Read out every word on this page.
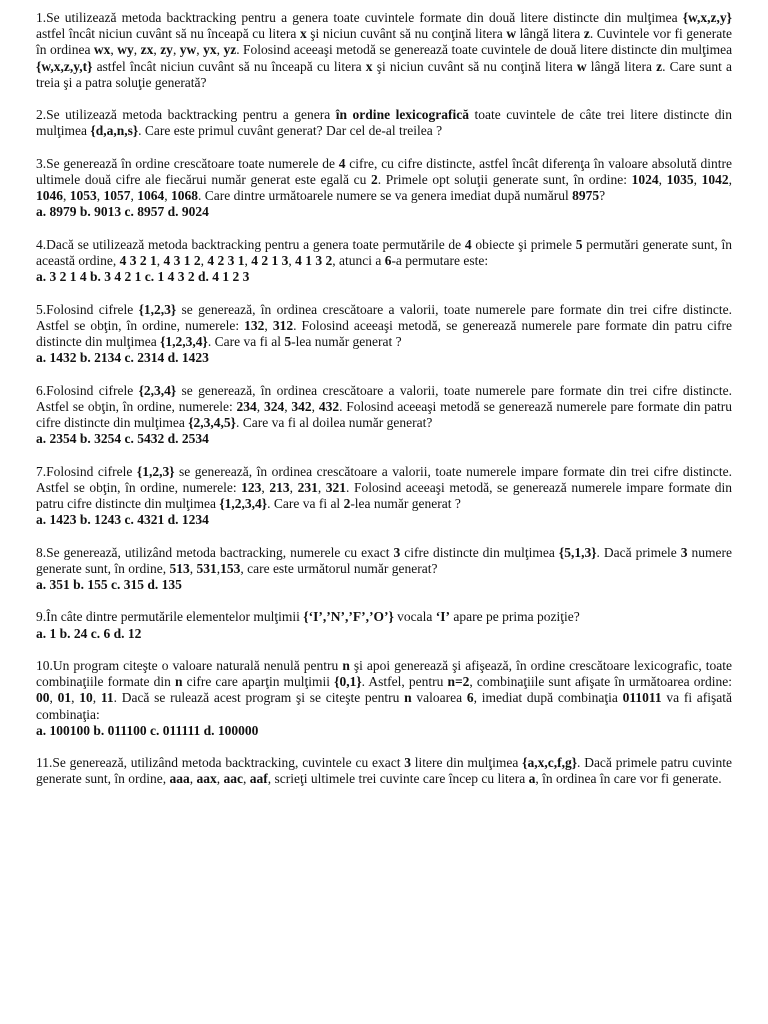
1.Se utilizează metoda backtracking pentru a genera toate cuvintele formate din două litere distincte din mulţimea {w,x,z,y} astfel încât niciun cuvânt să nu înceapă cu litera x şi niciun cuvânt să nu conţină litera w lângă litera z. Cuvintele vor fi generate în ordinea wx, wy, zx, zy, yw, yx, yz. Folosind aceeaşi metodă se generează toate cuvintele de două litere distincte din mulţimea {w,x,z,y,t} astfel încât niciun cuvânt să nu înceapă cu litera x şi niciun cuvânt să nu conţină litera w lângă litera z. Care sunt a treia şi a patra soluţie generată?

2.Se utilizează metoda backtracking pentru a genera în ordine lexicografică toate cuvintele de câte trei litere distincte din mulţimea {d,a,n,s}. Care este primul cuvânt generat? Dar cel de-al treilea ?

3.Se generează în ordine crescătoare toate numerele de 4 cifre, cu cifre distincte, astfel încât diferenţa în valoare absolută dintre ultimele două cifre ale fiecărui număr generat este egală cu 2. Primele opt soluţii generate sunt, în ordine: 1024, 1035, 1042, 1046, 1053, 1057, 1064, 1068. Care dintre următoarele numere se va genera imediat după numărul 8975?

a. 8979 b. 9013 c. 8957 d. 9024

4.Dacă se utilizează metoda backtracking pentru a genera toate permutările de 4 obiecte şi primele 5 permutări generate sunt, în această ordine, 4 3 2 1, 4 3 1 2, 4 2 3 1, 4 2 1 3, 4 1 3 2, atunci a 6-a permutare este:

a. 3 2 1 4 b. 3 4 2 1 c. 1 4 3 2 d. 4 1 2 3

5.Folosind cifrele {1,2,3} se generează, în ordinea crescătoare a valorii, toate numerele pare formate din trei cifre distincte. Astfel se obţin, în ordine, numerele: 132, 312. Folosind aceeaşi metodă, se generează numerele pare formate din patru cifre distincte din mulţimea {1,2,3,4}. Care va fi al 5-lea număr generat ?

a. 1432 b. 2134 c. 2314 d. 1423

6.Folosind cifrele {2,3,4} se generează, în ordinea crescătoare a valorii, toate numerele pare formate din trei cifre distincte. Astfel se obţin, în ordine, numerele: 234, 324, 342, 432. Folosind aceeaşi metodă se generează numerele pare formate din patru cifre distincte din mulţimea {2,3,4,5}. Care va fi al doilea număr generat?

a. 2354 b. 3254 c. 5432 d. 2534

7.Folosind cifrele {1,2,3} se generează, în ordinea crescătoare a valorii, toate numerele impare formate din trei cifre distincte. Astfel se obţin, în ordine, numerele: 123, 213, 231, 321. Folosind aceeaşi metodă, se generează numerele impare formate din patru cifre distincte din mulţimea {1,2,3,4}. Care va fi al 2-lea număr generat ?

a. 1423 b. 1243 c. 4321 d. 1234

8.Se generează, utilizând metoda bactracking, numerele cu exact 3 cifre distincte din mulţimea {5,1,3}. Dacă primele 3 numere generate sunt, în ordine, 513, 531,153, care este următorul număr generat?

a. 351 b. 155 c. 315 d. 135

9.În câte dintre permutările elementelor mulţimii {‘I’,’N’,’F’,’O’} vocala ‘I’ apare pe prima poziţie?

a. 1 b. 24 c. 6 d. 12

10.Un program citeşte o valoare naturală nenulă pentru n şi apoi generează şi afişează, în ordine crescătoare lexicografic, toate combinaţiile formate din n cifre care aparţin mulţimii {0,1}. Astfel, pentru n=2, combinaţiile sunt afişate în următoarea ordine: 00, 01, 10, 11. Dacă se rulează acest program şi se citeşte pentru n valoarea 6, imediat după combinaţia 011011 va fi afişată combinaţia:

a. 100100 b. 011100 c. 011111 d. 100000

11.Se generează, utilizând metoda backtracking, cuvintele cu exact 3 litere din mulţimea {a,x,c,f,g}. Dacă primele patru cuvinte generate sunt, în ordine, aaa, aax, aac, aaf, scrieţi ultimele trei cuvinte care încep cu litera a, în ordinea în care vor fi generate.
